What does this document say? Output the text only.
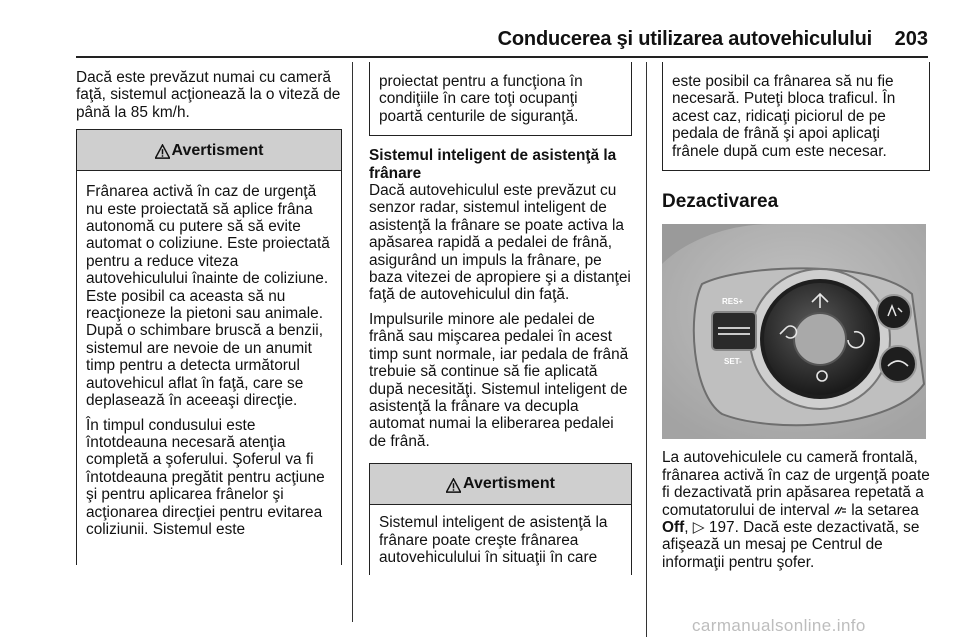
Conducerea şi utilizarea autovehiculului 203

Dacă este prevăzut numai cu cameră faţă, sistemul acţionează la o viteză de până la 85 km/h.

Avertisment

Frânarea activă în caz de urgenţă nu este proiectată să aplice frâna autonomă cu putere să să evite automat o coliziune. Este proiectată pentru a reduce viteza autovehiculului înainte de coliziune. Este posibil ca aceasta să nu reacţioneze la pietoni sau animale. După o schimbare bruscă a benzii, sistemul are nevoie de un anumit timp pentru a detecta următorul autovehicul aflat în faţă, care se deplasează în aceeaşi direcţie.

În timpul condusului este întotdeauna necesară atenţia completă a şoferului. Şoferul va fi întotdeauna pregătit pentru acţiune şi pentru aplicarea frânelor şi acţionarea direcţiei pentru evitarea coliziunii. Sistemul este

proiectat pentru a funcţiona în condiţiile în care toţi ocupanţi poartă centurile de siguranţă.

Sistemul inteligent de asistenţă la frânare

Dacă autovehiculul este prevăzut cu senzor radar, sistemul inteligent de asistenţă la frânare se poate activa la apăsarea rapidă a pedalei de frână, asigurând un impuls la frânare, pe baza vitezei de apropiere şi a distanţei faţă de autovehiculul din faţă.

Impulsurile minore ale pedalei de frână sau mişcarea pedalei în acest timp sunt normale, iar pedala de frână trebuie să continue să fie aplicată după necesităţi. Sistemul inteligent de asistenţă la frânare va decupla automat numai la eliberarea pedalei de frână.

Avertisment

Sistemul inteligent de asistenţă la frânare poate creşte frânarea autovehiculului în situaţii în care

este posibil ca frânarea să nu fie necesară. Puteţi bloca traficul. În acest caz, ridicaţi piciorul de pe pedala de frână şi apoi aplicaţi frânele după cum este necesar.

Dezactivarea

RES+
SET-

La autovehiculele cu cameră frontală, frânarea activă în caz de urgenţă poate fi dezactivată prin apăsarea repetată a comutatorului de interval  la setarea Off, ▷ 197. Dacă este dezactivată, se afişează un mesaj pe Centrul de informaţii pentru şofer.

carmanualsonline.info
